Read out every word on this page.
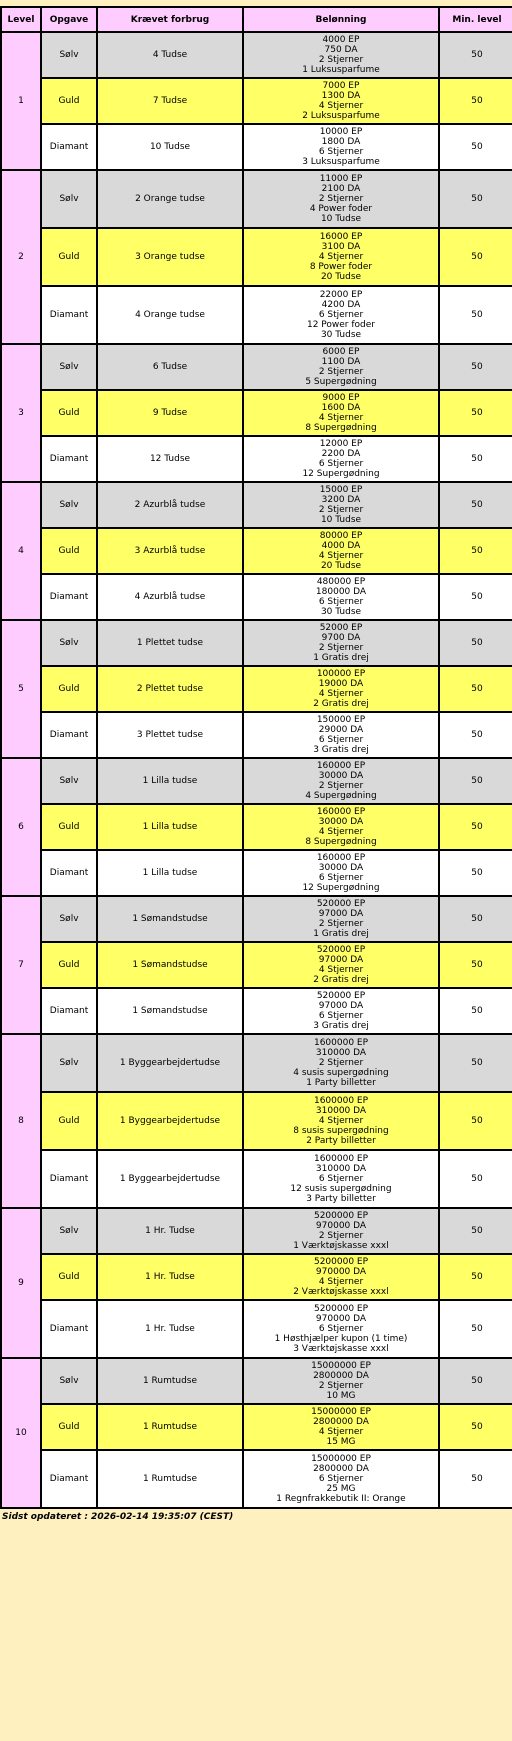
Level	Opgave	Krævet forbrug	Belønning	Min. level
1	Sølv	4 Tudse	4000 EP
750 DA
2 Stjerner
1 Luksusparfume	50
	Guld	7 Tudse	7000 EP
1300 DA
4 Stjerner
2 Luksusparfume	50
	Diamant	10 Tudse	10000 EP
1800 DA
6 Stjerner
3 Luksusparfume	50
2	Sølv	2 Orange tudse	11000 EP
2100 DA
2 Stjerner
4 Power foder
10 Tudse	50
	Guld	3 Orange tudse	16000 EP
3100 DA
4 Stjerner
8 Power foder
20 Tudse	50
	Diamant	4 Orange tudse	22000 EP
4200 DA
6 Stjerner
12 Power foder
30 Tudse	50
3	Sølv	6 Tudse	6000 EP
1100 DA
2 Stjerner
5 Supergødning	50
	Guld	9 Tudse	9000 EP
1600 DA
4 Stjerner
8 Supergødning	50
	Diamant	12 Tudse	12000 EP
2200 DA
6 Stjerner
12 Supergødning	50
4	Sølv	2 Azurblå tudse	15000 EP
3200 DA
2 Stjerner
10 Tudse	50
	Guld	3 Azurblå tudse	80000 EP
4000 DA
4 Stjerner
20 Tudse	50
	Diamant	4 Azurblå tudse	480000 EP
180000 DA
6 Stjerner
30 Tudse	50
5	Sølv	1 Plettet tudse	52000 EP
9700 DA
2 Stjerner
1 Gratis drej	50
	Guld	2 Plettet tudse	100000 EP
19000 DA
4 Stjerner
2 Gratis drej	50
	Diamant	3 Plettet tudse	150000 EP
29000 DA
6 Stjerner
3 Gratis drej	50
6	Sølv	1 Lilla tudse	160000 EP
30000 DA
2 Stjerner
4 Supergødning	50
	Guld	1 Lilla tudse	160000 EP
30000 DA
4 Stjerner
8 Supergødning	50
	Diamant	1 Lilla tudse	160000 EP
30000 DA
6 Stjerner
12 Supergødning	50
7	Sølv	1 Sømandstudse	520000 EP
97000 DA
2 Stjerner
1 Gratis drej	50
	Guld	1 Sømandstudse	520000 EP
97000 DA
4 Stjerner
2 Gratis drej	50
	Diamant	1 Sømandstudse	520000 EP
97000 DA
6 Stjerner
3 Gratis drej	50
8	Sølv	1 Byggearbejdertudse	1600000 EP
310000 DA
2 Stjerner
4 susis supergødning
1 Party billetter	50
	Guld	1 Byggearbejdertudse	1600000 EP
310000 DA
4 Stjerner
8 susis supergødning
2 Party billetter	50
	Diamant	1 Byggearbejdertudse	1600000 EP
310000 DA
6 Stjerner
12 susis supergødning
3 Party billetter	50
9	Sølv	1 Hr. Tudse	5200000 EP
970000 DA
2 Stjerner
1 Værktøjskasse xxxl	50
	Guld	1 Hr. Tudse	5200000 EP
970000 DA
4 Stjerner
2 Værktøjskasse xxxl	50
	Diamant	1 Hr. Tudse	5200000 EP
970000 DA
6 Stjerner
1 Høsthjælper kupon (1 time)
3 Værktøjskasse xxxl	50
10	Sølv	1 Rumtudse	15000000 EP
2800000 DA
2 Stjerner
10 MG	50
	Guld	1 Rumtudse	15000000 EP
2800000 DA
4 Stjerner
15 MG	50
	Diamant	1 Rumtudse	15000000 EP
2800000 DA
6 Stjerner
25 MG
1 Regnfrakkebutik II: Orange	50
Sidst opdateret : 2026-02-14 19:35:07 (CEST)
